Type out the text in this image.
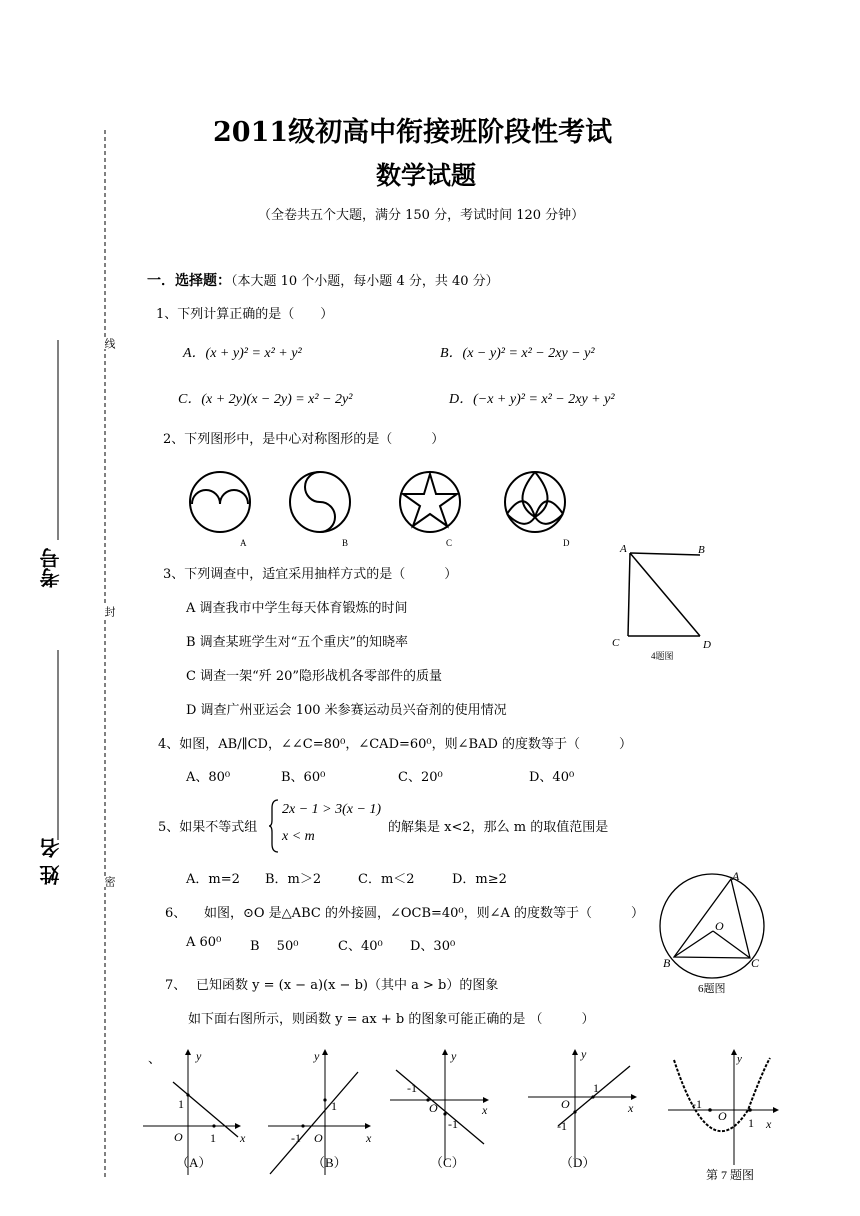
线
封
密
考号
姓 名
2011级初高中衔接班阶段性考试
数学试题
（全卷共五个大题，满分 150 分，考试时间 120 分钟）
一．选择题：（本大题 10 个小题，每小题 4 分，共 40 分）
1、下列计算正确的是（　　）
A．(x + y)² = x² + y²	B．(x − y)² = x² − 2xy − y²
C．(x + 2y)(x − 2y) = x² − 2y²	D．(−x + y)² = x² − 2xy + y²
2、下列图形中，是中心对称图形的是（　　　）
A	B	C	D
3、下列调查中，适宜采用抽样方式的是（　　　）
A 调查我市中学生每天体育锻炼的时间
B 调查某班学生对“五个重庆”的知晓率
C 调查一架“歼 20”隐形战机各零部件的质量
D 调查广州亚运会 100 米参赛运动员兴奋剂的使用情况
A	B
C	D
4题图
4、如图，AB/∥CD，∠∠C=80⁰，∠CAD=60⁰，则∠BAD 的度数等于（　　　）
A、80⁰	B、60⁰	C、20⁰	D、40⁰
5、如果不等式组
2x − 1 > 3(x − 1)
x < m
的解集是 x<2，那么 m 的取值范围是
A．m=2 B．m＞2	C．m＜2	D．m≥2
6、 如图，⊙O 是△ABC 的外接圆，∠OCB=40⁰，则∠A 的度数等于（　　　）
A 60⁰ B　 50⁰	C、40⁰ D、30⁰
A
B	C
O
6题图
7、 已知函数 y = (x − a)(x − b)（其中 a > b）的图象
如下面右图所示，则函数 y = ax + b 的图象可能正确的是 （　　　）
、	y
x
O
1
1
y
x
O
1
-1
y
x
O
-1
-1
y
x
O
1
-1
y
x
O
-1
1
（A）	（B）	（C）	（D）
第 7 题图
